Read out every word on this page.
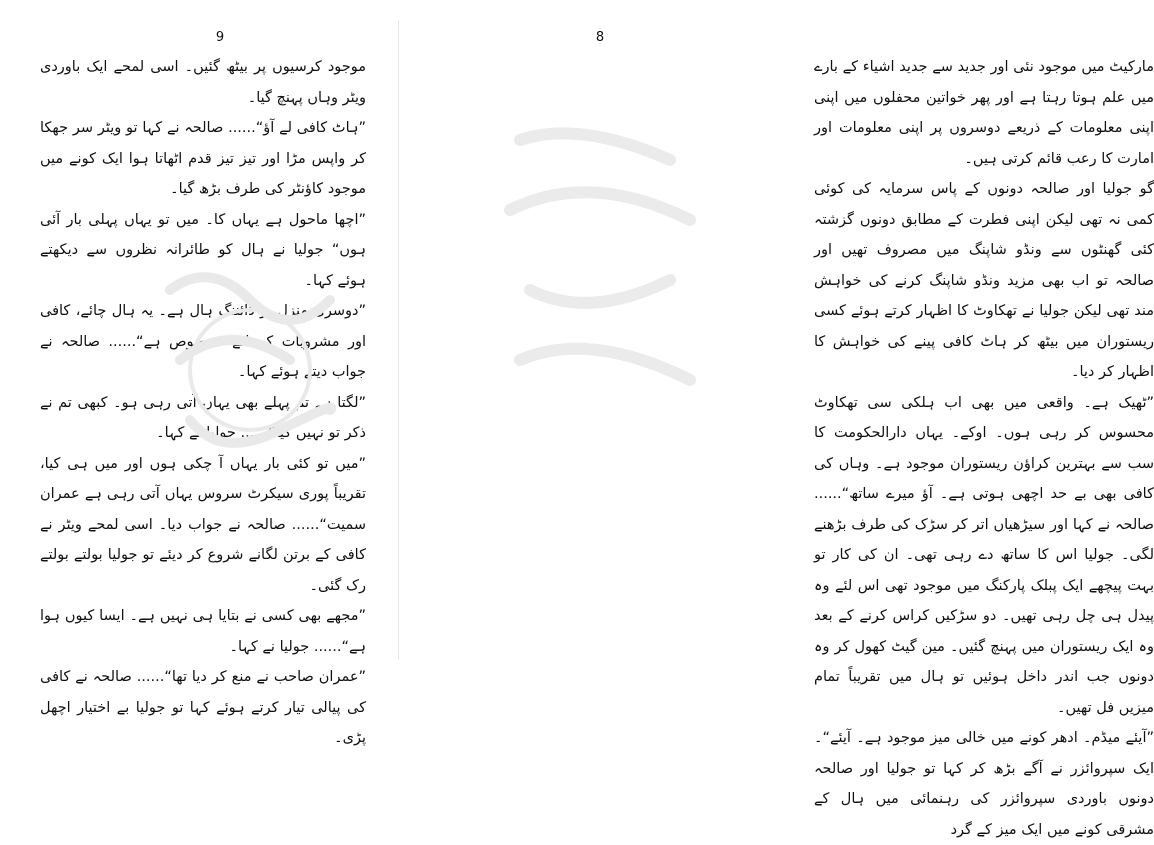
9

موجود کرسیوں پر بیٹھ گئیں۔ اسی لمحے ایک باوردی ویٹر وہاں پہنچ گیا۔

”ہاٹ کافی لے آؤ“...... صالحہ نے کہا تو ویٹر سر جھکا کر واپس مڑا اور تیز تیز قدم اٹھاتا ہوا ایک کونے میں موجود کاؤنٹر کی طرف بڑھ گیا۔

”اچھا ماحول ہے یہاں کا۔ میں تو یہاں پہلی بار آئی ہوں“ جولیا نے ہال کو طائرانہ نظروں سے دیکھتے ہوئے کہا۔

”دوسری منزل پر ڈائننگ ہال ہے۔ یہ ہال چائے، کافی اور مشروبات کے لئے مخصوص ہے“...... صالحہ نے جواب دیتے ہوئے کہا۔

”لگتا ہے تم پہلے بھی یہاں آتی رہی ہو۔ کبھی تم نے ذکر تو نہیں کیا“...... جولیا نے کہا۔

”میں تو کئی بار یہاں آ چکی ہوں اور میں ہی کیا، تقریباً پوری سیکرٹ سروس یہاں آتی رہی ہے عمران سمیت“...... صالحہ نے جواب دیا۔ اسی لمحے ویٹر نے کافی کے برتن لگانے شروع کر دیئے تو جولیا بولتے بولتے رک گئی۔

”مجھے بھی کسی نے بتایا ہی نہیں ہے۔ ایسا کیوں ہوا ہے“...... جولیا نے کہا۔

”عمران صاحب نے منع کر دیا تھا“...... صالحہ نے کافی کی پیالی تیار کرتے ہوئے کہا تو جولیا بے اختیار اچھل پڑی۔

8

مارکیٹ میں موجود نئی اور جدید سے جدید اشیاء کے بارے میں علم ہوتا رہتا ہے اور پھر خواتین محفلوں میں اپنی اپنی معلومات کے ذریعے دوسروں پر اپنی معلومات اور امارت کا رعب قائم کرتی ہیں۔

گو جولیا اور صالحہ دونوں کے پاس سرمایہ کی کوئی کمی نہ تھی لیکن اپنی فطرت کے مطابق دونوں گزشتہ کئی گھنٹوں سے ونڈو شاپنگ میں مصروف تھیں اور صالحہ تو اب بھی مزید ونڈو شاپنگ کرنے کی خواہش مند تھی لیکن جولیا نے تھکاوٹ کا اظہار کرتے ہوئے کسی ریستوران میں بیٹھ کر ہاٹ کافی پینے کی خواہش کا اظہار کر دیا۔

”ٹھیک ہے۔ واقعی میں بھی اب ہلکی سی تھکاوٹ محسوس کر رہی ہوں۔ اوکے۔ یہاں دارالحکومت کا سب سے بہترین کراؤن ریستوران موجود ہے۔ وہاں کی کافی بھی بے حد اچھی ہوتی ہے۔ آؤ میرے ساتھ“...... صالحہ نے کہا اور سیڑھیاں اتر کر سڑک کی طرف بڑھنے لگی۔ جولیا اس کا ساتھ دے رہی تھی۔ ان کی کار تو بہت پیچھے ایک پبلک پارکنگ میں موجود تھی اس لئے وہ پیدل ہی چل رہی تھیں۔ دو سڑکیں کراس کرنے کے بعد وہ ایک ریستوران میں پہنچ گئیں۔ مین گیٹ کھول کر وہ دونوں جب اندر داخل ہوئیں تو ہال میں تقریباً تمام میزیں فل تھیں۔

”آیئے میڈم۔ ادھر کونے میں خالی میز موجود ہے۔ آیئے“۔ ایک سپروائزر نے آگے بڑھ کر کہا تو جولیا اور صالحہ دونوں باوردی سپروائزر کی رہنمائی میں ہال کے مشرقی کونے میں ایک میز کے گرد
